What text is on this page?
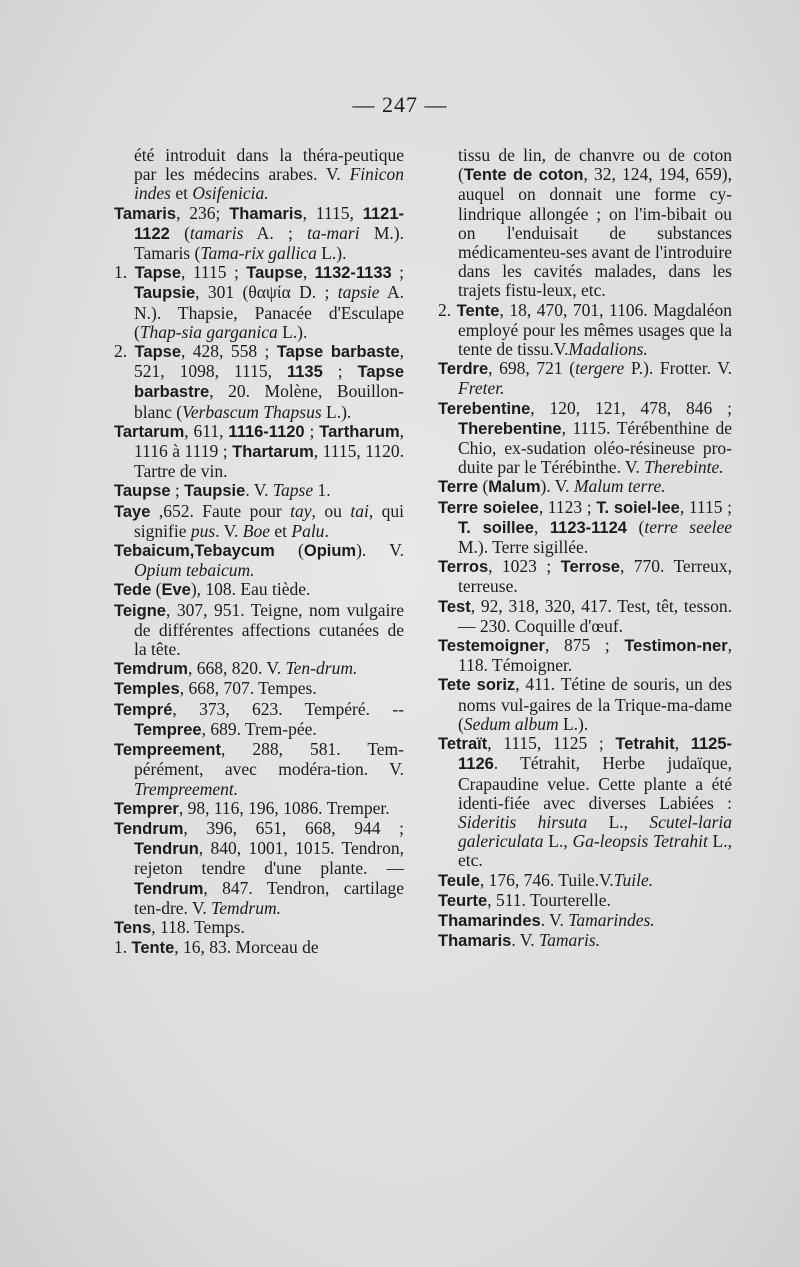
— 247 —

été introduit dans la théra-peutique par les médecins arabes. V. Finicon indes et Osifenicia.

Tamaris, 236; Thamaris, 1115, 1121-1122 (tamaris A. ; ta-mari M.). Tamaris (Tama-rix gallica L.).

1. Tapse, 1115 ; Taupse, 1132-1133 ; Taupsie, 301 (θαψία D. ; tapsie A. N.). Thapsie, Panacée d'Esculape (Thap-sia garganica L.).

2. Tapse, 428, 558 ; Tapse barbaste, 521, 1098, 1115, 1135 ; Tapse barbastre, 20. Molène, Bouillon-blanc (Verbascum Thapsus L.).

Tartarum, 611, 1116-1120 ; Tartharum, 1116 à 1119 ; Thartarum, 1115, 1120. Tartre de vin.

Taupse ; Taupsie. V. Tapse 1.

Taye ,652. Faute pour tay, ou tai, qui signifie pus. V. Boe et Palu.

Tebaicum,Tebaycum (Opium). V. Opium tebaicum.

Tede (Eve), 108. Eau tiède.

Teigne, 307, 951. Teigne, nom vulgaire de différentes affections cutanées de la tête.

Temdrum, 668, 820. V. Ten-drum.

Temples, 668, 707. Tempes.

Tempré, 373, 623. Tempéré. -- Tempree, 689. Trem-pée.

Tempreement, 288, 581. Tem-pérément, avec modéra-tion. V. Trempreement.

Temprer, 98, 116, 196, 1086. Tremper.

Tendrum, 396, 651, 668, 944 ; Tendrun, 840, 1001, 1015. Tendron, rejeton tendre d'une plante. — Tendrum, 847. Tendron, cartilage ten-dre. V. Temdrum.

Tens, 118. Temps.

1. Tente, 16, 83. Morceau de

tissu de lin, de chanvre ou de coton (Tente de coton, 32, 124, 194, 659), auquel on donnait une forme cy-lindrique allongée ; on l'im-bibait ou on l'enduisait de substances médicamenteu-ses avant de l'introduire dans les cavités malades, dans les trajets fistu-leux, etc.

2. Tente, 18, 470, 701, 1106. Magdaléon employé pour les mêmes usages que la tente de tissu.V.Madalions.

Terdre, 698, 721 (tergere P.). Frotter. V. Freter.

Terebentine, 120, 121, 478, 846 ; Therebentine, 1115. Térébenthine de Chio, ex-sudation oléo-résineuse pro-duite par le Térébinthe. V. Therebinte.

Terre (Malum). V. Malum terre.

Terre soielee, 1123 ; T. soiel-lee, 1115 ; T. soillee, 1123-1124 (terre seelee M.). Terre sigillée.

Terros, 1023 ; Terrose, 770. Terreux, terreuse.

Test, 92, 318, 320, 417. Test, têt, tesson. — 230. Coquille d'œuf.

Testemoigner, 875 ; Testimon-ner, 118. Témoigner.

Tete soriz, 411. Tétine de souris, un des noms vul-gaires de la Trique-ma-dame (Sedum album L.).

Tetraït, 1115, 1125 ; Tetrahit, 1125-1126. Tétrahit, Herbe judaïque, Crapaudine velue. Cette plante a été identi-fiée avec diverses Labiées : Sideritis hirsuta L., Scutel-laria galericulata L., Ga-leopsis Tetrahit L., etc.

Teule, 176, 746. Tuile.V.Tuile.

Teurte, 511. Tourterelle.

Thamarindes. V. Tamarindes.

Thamaris. V. Tamaris.
